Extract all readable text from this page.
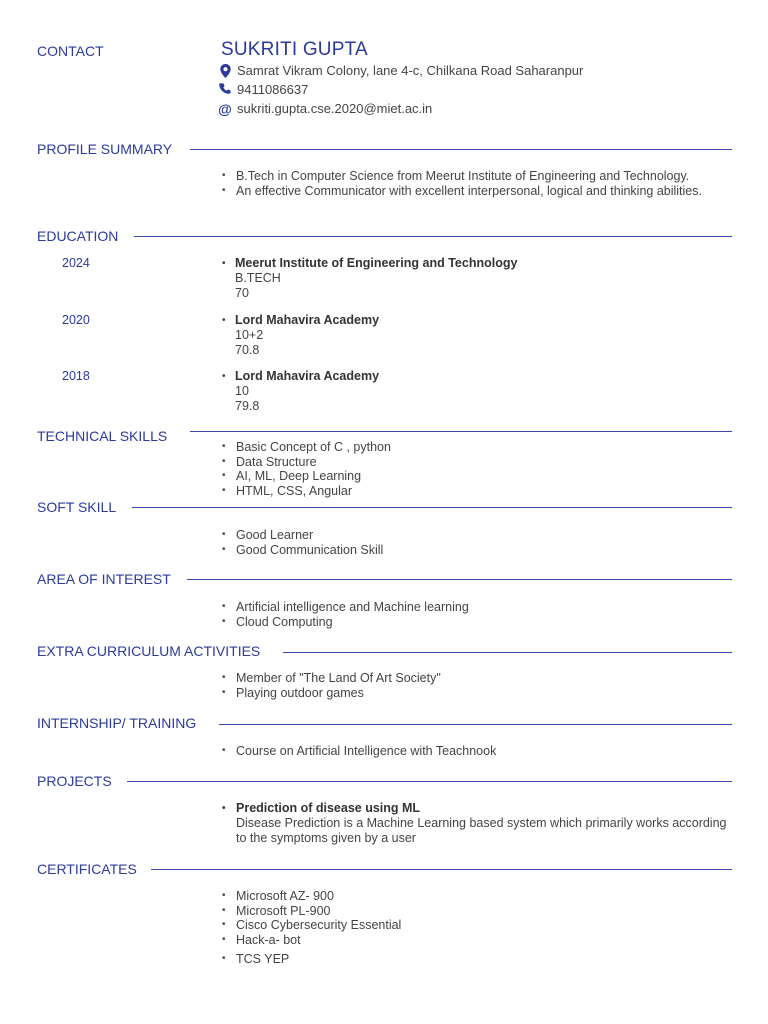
CONTACT	SUKRITI GUPTA
Samrat Vikram Colony, lane 4-c, Chilkana Road Saharanpur
9411086637
@ sukriti.gupta.cse.2020@miet.ac.in
PROFILE SUMMARY
• B.Tech in Computer Science from Meerut Institute of Engineering and Technology.
• An effective Communicator with excellent interpersonal, logical and thinking abilities.
EDUCATION
2024	• Meerut Institute of Engineering and Technology
B.TECH
70
2020	• Lord Mahavira Academy
10+2
70.8
2018	• Lord Mahavira Academy
10
79.8
TECHNICAL SKILLS
• Basic Concept of C , python
• Data Structure
• AI, ML, Deep Learning
• HTML, CSS, Angular
SOFT SKILL
• Good Learner
• Good Communication Skill
AREA OF INTEREST
• Artificial intelligence and Machine learning
• Cloud Computing
EXTRA CURRICULUM ACTIVITIES
• Member of "The Land Of Art Society"
• Playing outdoor games
INTERNSHIP/ TRAINING
• Course on Artificial Intelligence with Teachnook
PROJECTS
• Prediction of disease using ML
Disease Prediction is a Machine Learning based system which primarily works according to the symptoms given by a user
CERTIFICATES
• Microsoft AZ- 900
• Microsoft PL-900
• Cisco Cybersecurity Essential
• Hack-a- bot
• TCS YEP
